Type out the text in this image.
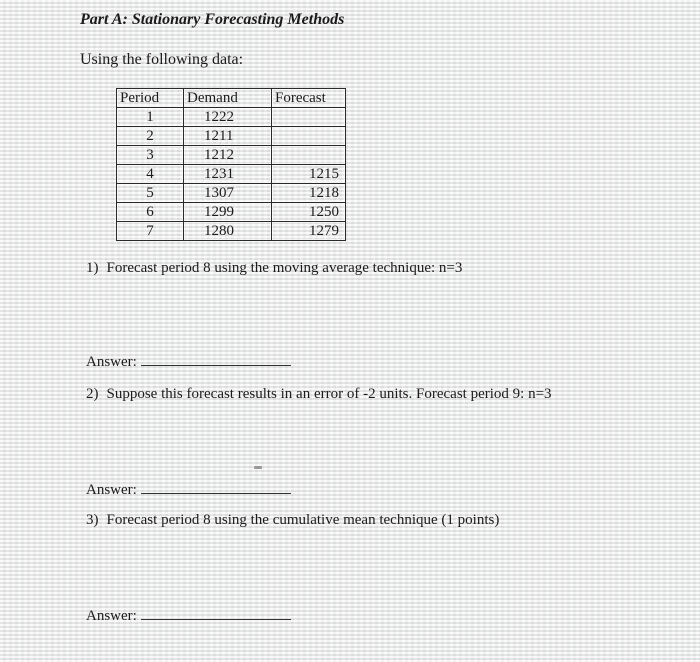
Part A: Stationary Forecasting Methods
Using the following data:
Period	Demand	Forecast
1	1222	
2	1211	
3	1212	
4	1231	1215
5	1307	1218
6	1299	1250
7	1280	1279
1) Forecast period 8 using the moving average technique: n=3
Answer:
2) Suppose this forecast results in an error of -2 units. Forecast period 9: n=3
Answer:
3) Forecast period 8 using the cumulative mean technique (1 points)
Answer:
